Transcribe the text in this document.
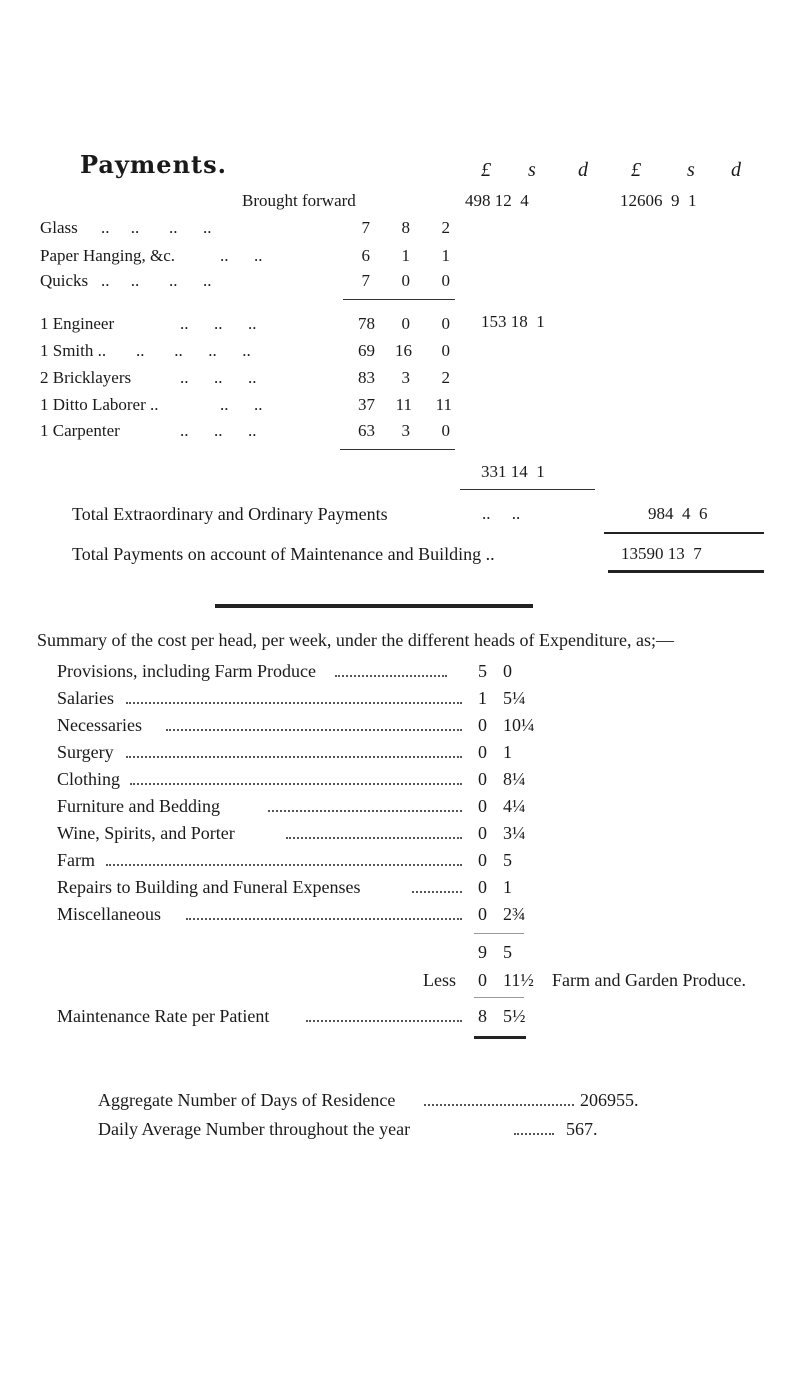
Payments.	£ s d £ s d
Brought forward	498 12  4	12606  9  1
Glass ..     ..       ..      ..	7	8	2
Paper Hanging, &c.	..      ..	6	1	1
Quicks ..     ..       ..      ..	7	0	0
153 18  1
1 Engineer	..      ..      ..	78	0	0
1 Smith .. ..       ..      ..      ..	69 16	0
2 Bricklayers	..      ..      ..	83	3	2
1 Ditto Laborer ..	..      ..	37	11	11
1 Carpenter	..      ..      ..	63	3	0
331 14  1
Total Extraordinary and Ordinary Payments	..     ..	984  4  6
Total Payments on account of Maintenance and Building ..	13590 13  7
Summary of the cost per head, per week, under the different heads of Expenditure, as;—
Provisions, including Farm Produce	5 0
Salaries	1 5¼
Necessaries	0 10¼
Surgery	0 1
Clothing	0 8¼
Furniture and Bedding	0 4¼
Wine, Spirits, and Porter	0 3¼
Farm	0 5
Repairs to Building and Funeral Expenses	0 1
Miscellaneous	0 2¾
9 5
Less 0 11½ Farm and Garden Produce.
Maintenance Rate per Patient	8 5½
Aggregate Number of Days of Residence	206955.
Daily Average Number throughout the year	567.
